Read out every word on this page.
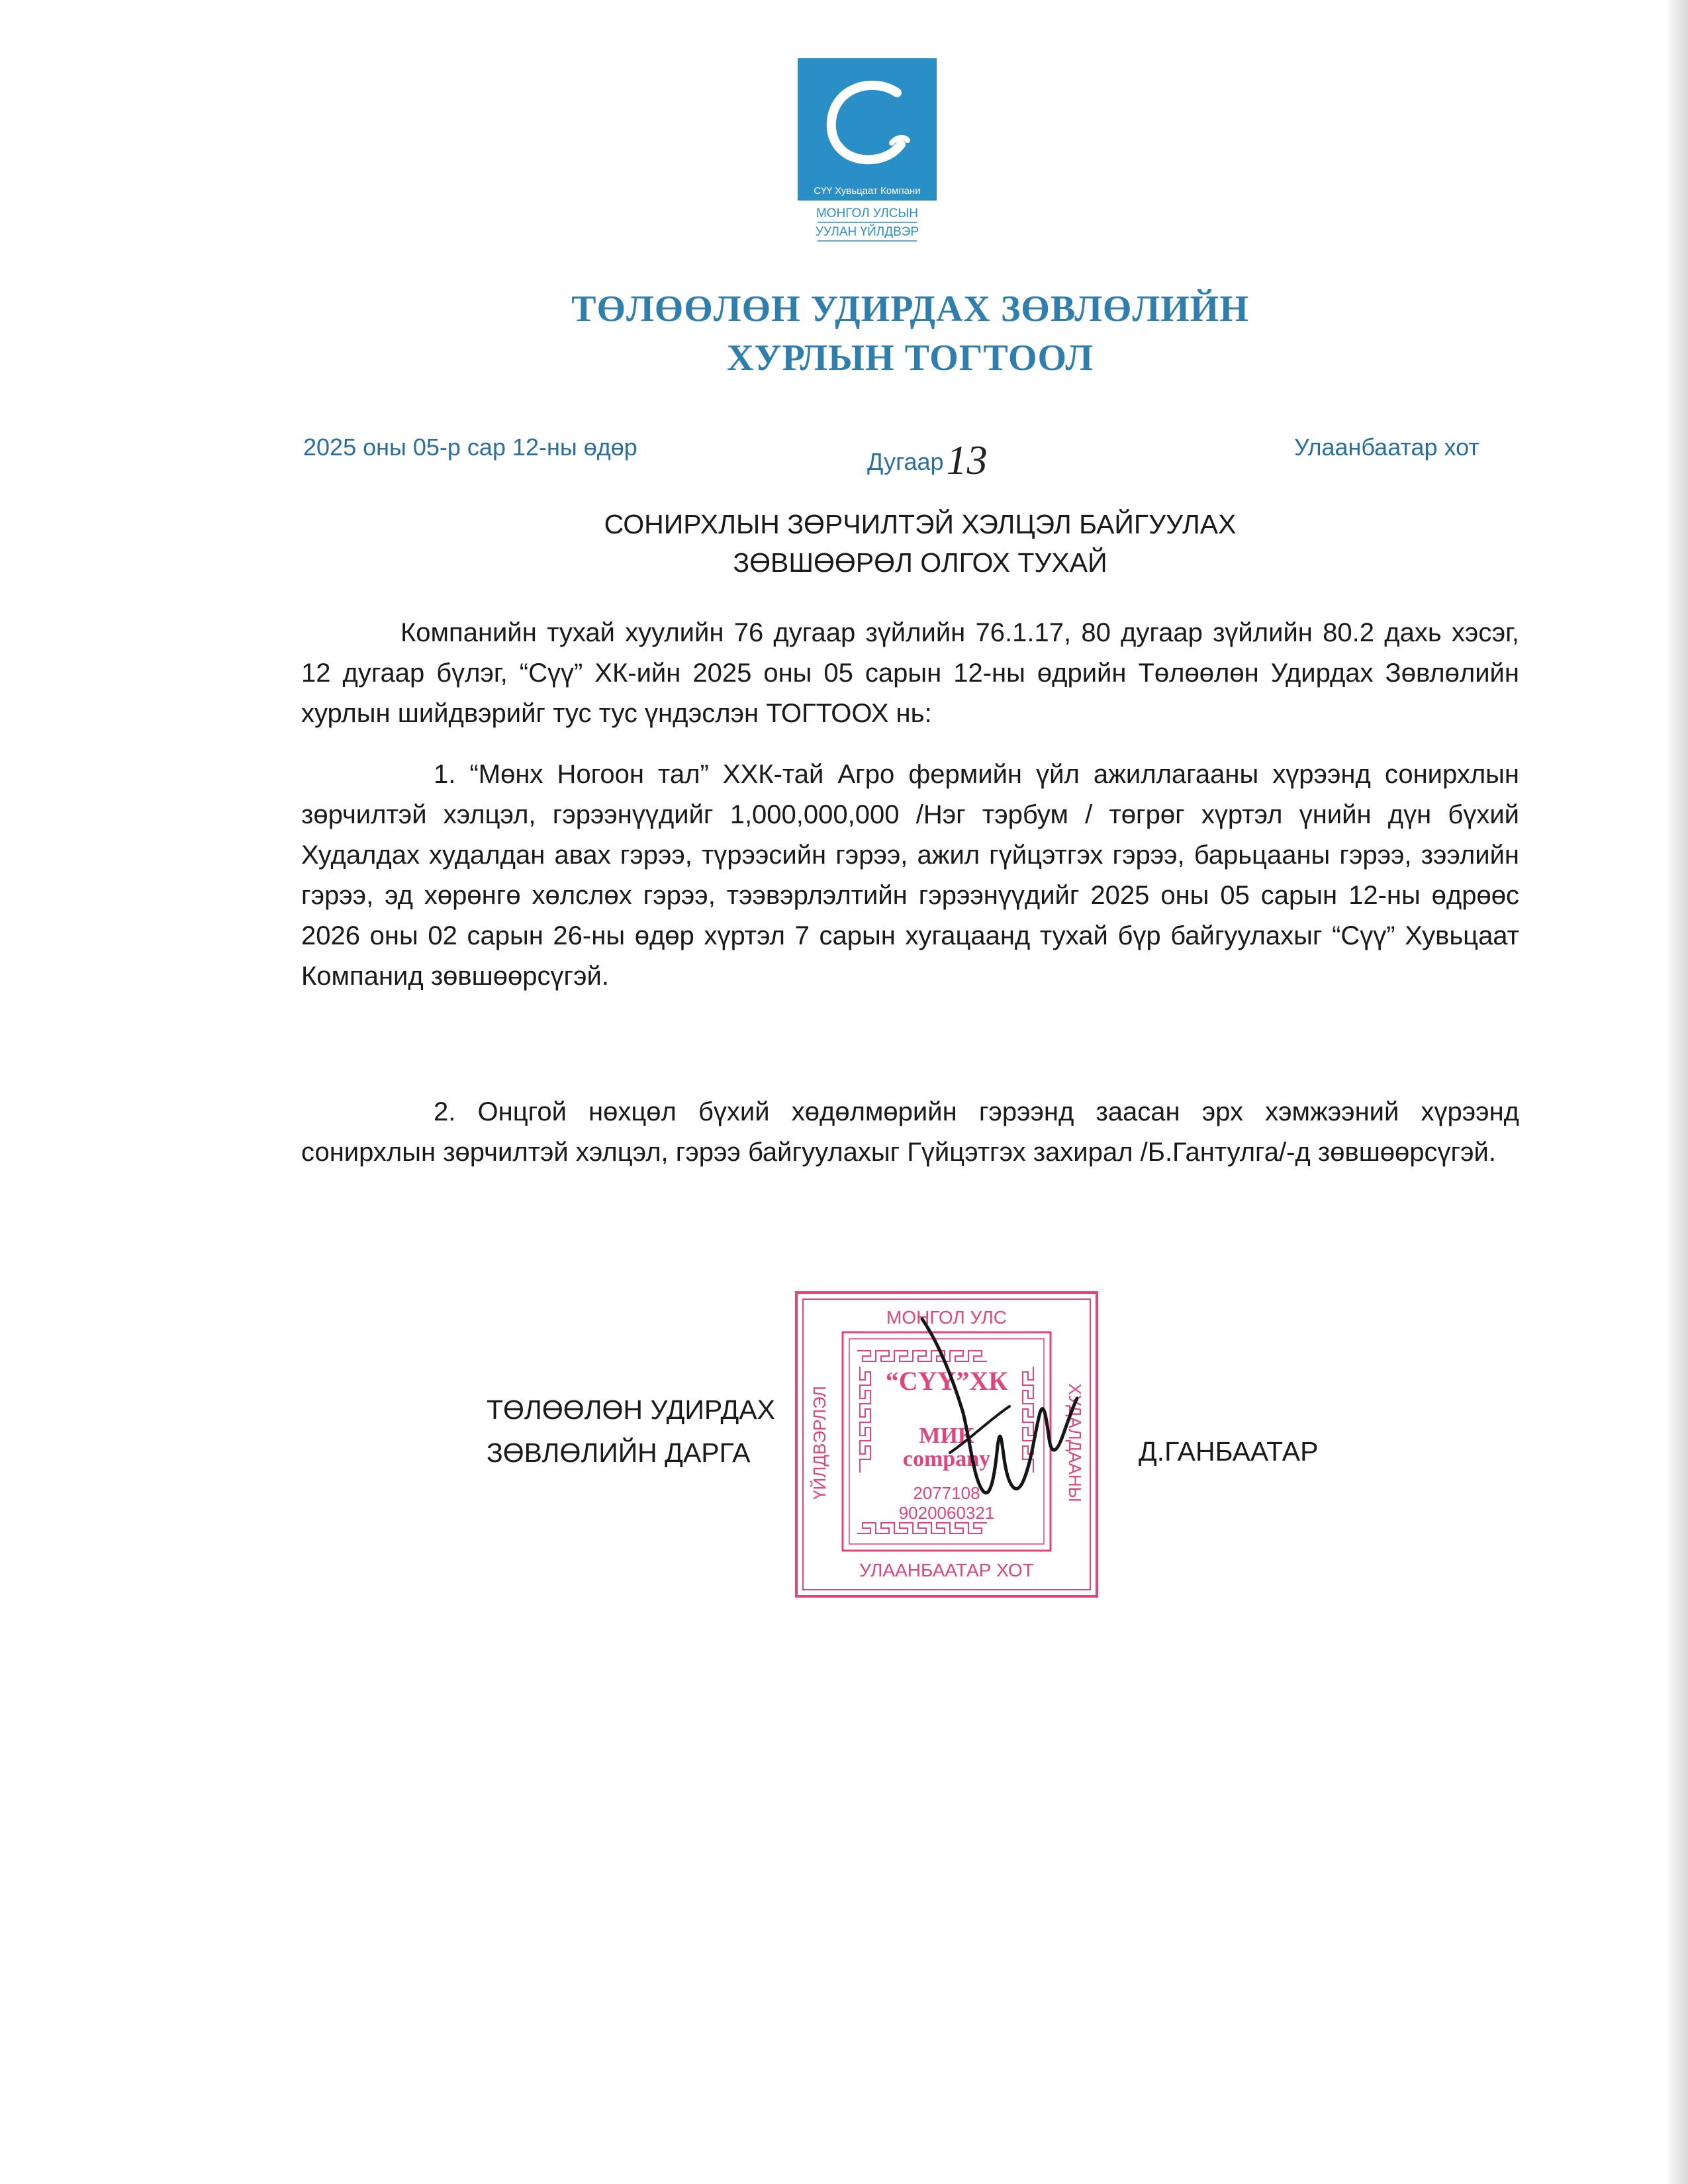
СҮҮ Хувьцаат Компани
МОНГОЛ УЛСЫН
УУЛАН ҮЙЛДВЭР
ТӨЛӨӨЛӨН УДИРДАХ ЗӨВЛӨЛИЙН
ХУРЛЫН ТОГТООЛ
2025 оны 05-р сар 12-ны өдөр
Дугаар13	Улаанбаатар хот
СОНИРХЛЫН ЗӨРЧИЛТЭЙ ХЭЛЦЭЛ БАЙГУУЛАХ
ЗӨВШӨӨРӨЛ ОЛГОХ ТУХАЙ

Компанийн тухай хуулийн 76 дугаар зүйлийн 76.1.17, 80 дугаар зүйлийн 80.2 дахь хэсэг, 12 дугаар бүлэг, “Сүү” ХК-ийн 2025 оны 05 сарын 12-ны өдрийн Төлөөлөн Удирдах Зөвлөлийн хурлын шийдвэрийг тус тус үндэслэн ТОГТООХ нь:

1. “Мөнх Ногоон тал” ХХК-тай Агро фермийн үйл ажиллагааны хүрээнд сонирхлын зөрчилтэй хэлцэл, гэрээнүүдийг 1,000,000,000 /Нэг тэрбум / төгрөг хүртэл үнийн дүн бүхий Худалдах худалдан авах гэрээ, түрээсийн гэрээ, ажил гүйцэтгэх гэрээ, барьцааны гэрээ, зээлийн гэрээ, эд хөрөнгө хөлслөх гэрээ, тээвэрлэлтийн гэрээнүүдийг 2025 оны 05 сарын 12-ны өдрөөс 2026 оны 02 сарын 26-ны өдөр хүртэл 7 сарын хугацаанд тухай бүр байгуулахыг “Сүү” Хувьцаат Компанид зөвшөөрсүгэй.

2. Онцгой нөхцөл бүхий хөдөлмөрийн гэрээнд заасан эрх хэмжээний хүрээнд сонирхлын зөрчилтэй хэлцэл, гэрээ байгуулахыг Гүйцэтгэх захирал /Б.Гантулга/-д зөвшөөрсүгэй.

ТӨЛӨӨЛӨН УДИРДАХ
ЗӨВЛӨЛИЙН ДАРГА	Д.ГАНБААТАР
МОНГОЛ УЛС
“СҮҮ”ХК
МИК
company
2077108
9020060321
УЛААНБААТАР ХОТ
ҮЙЛДВЭРЛЭЛ	ХУДАЛДААНЫ
